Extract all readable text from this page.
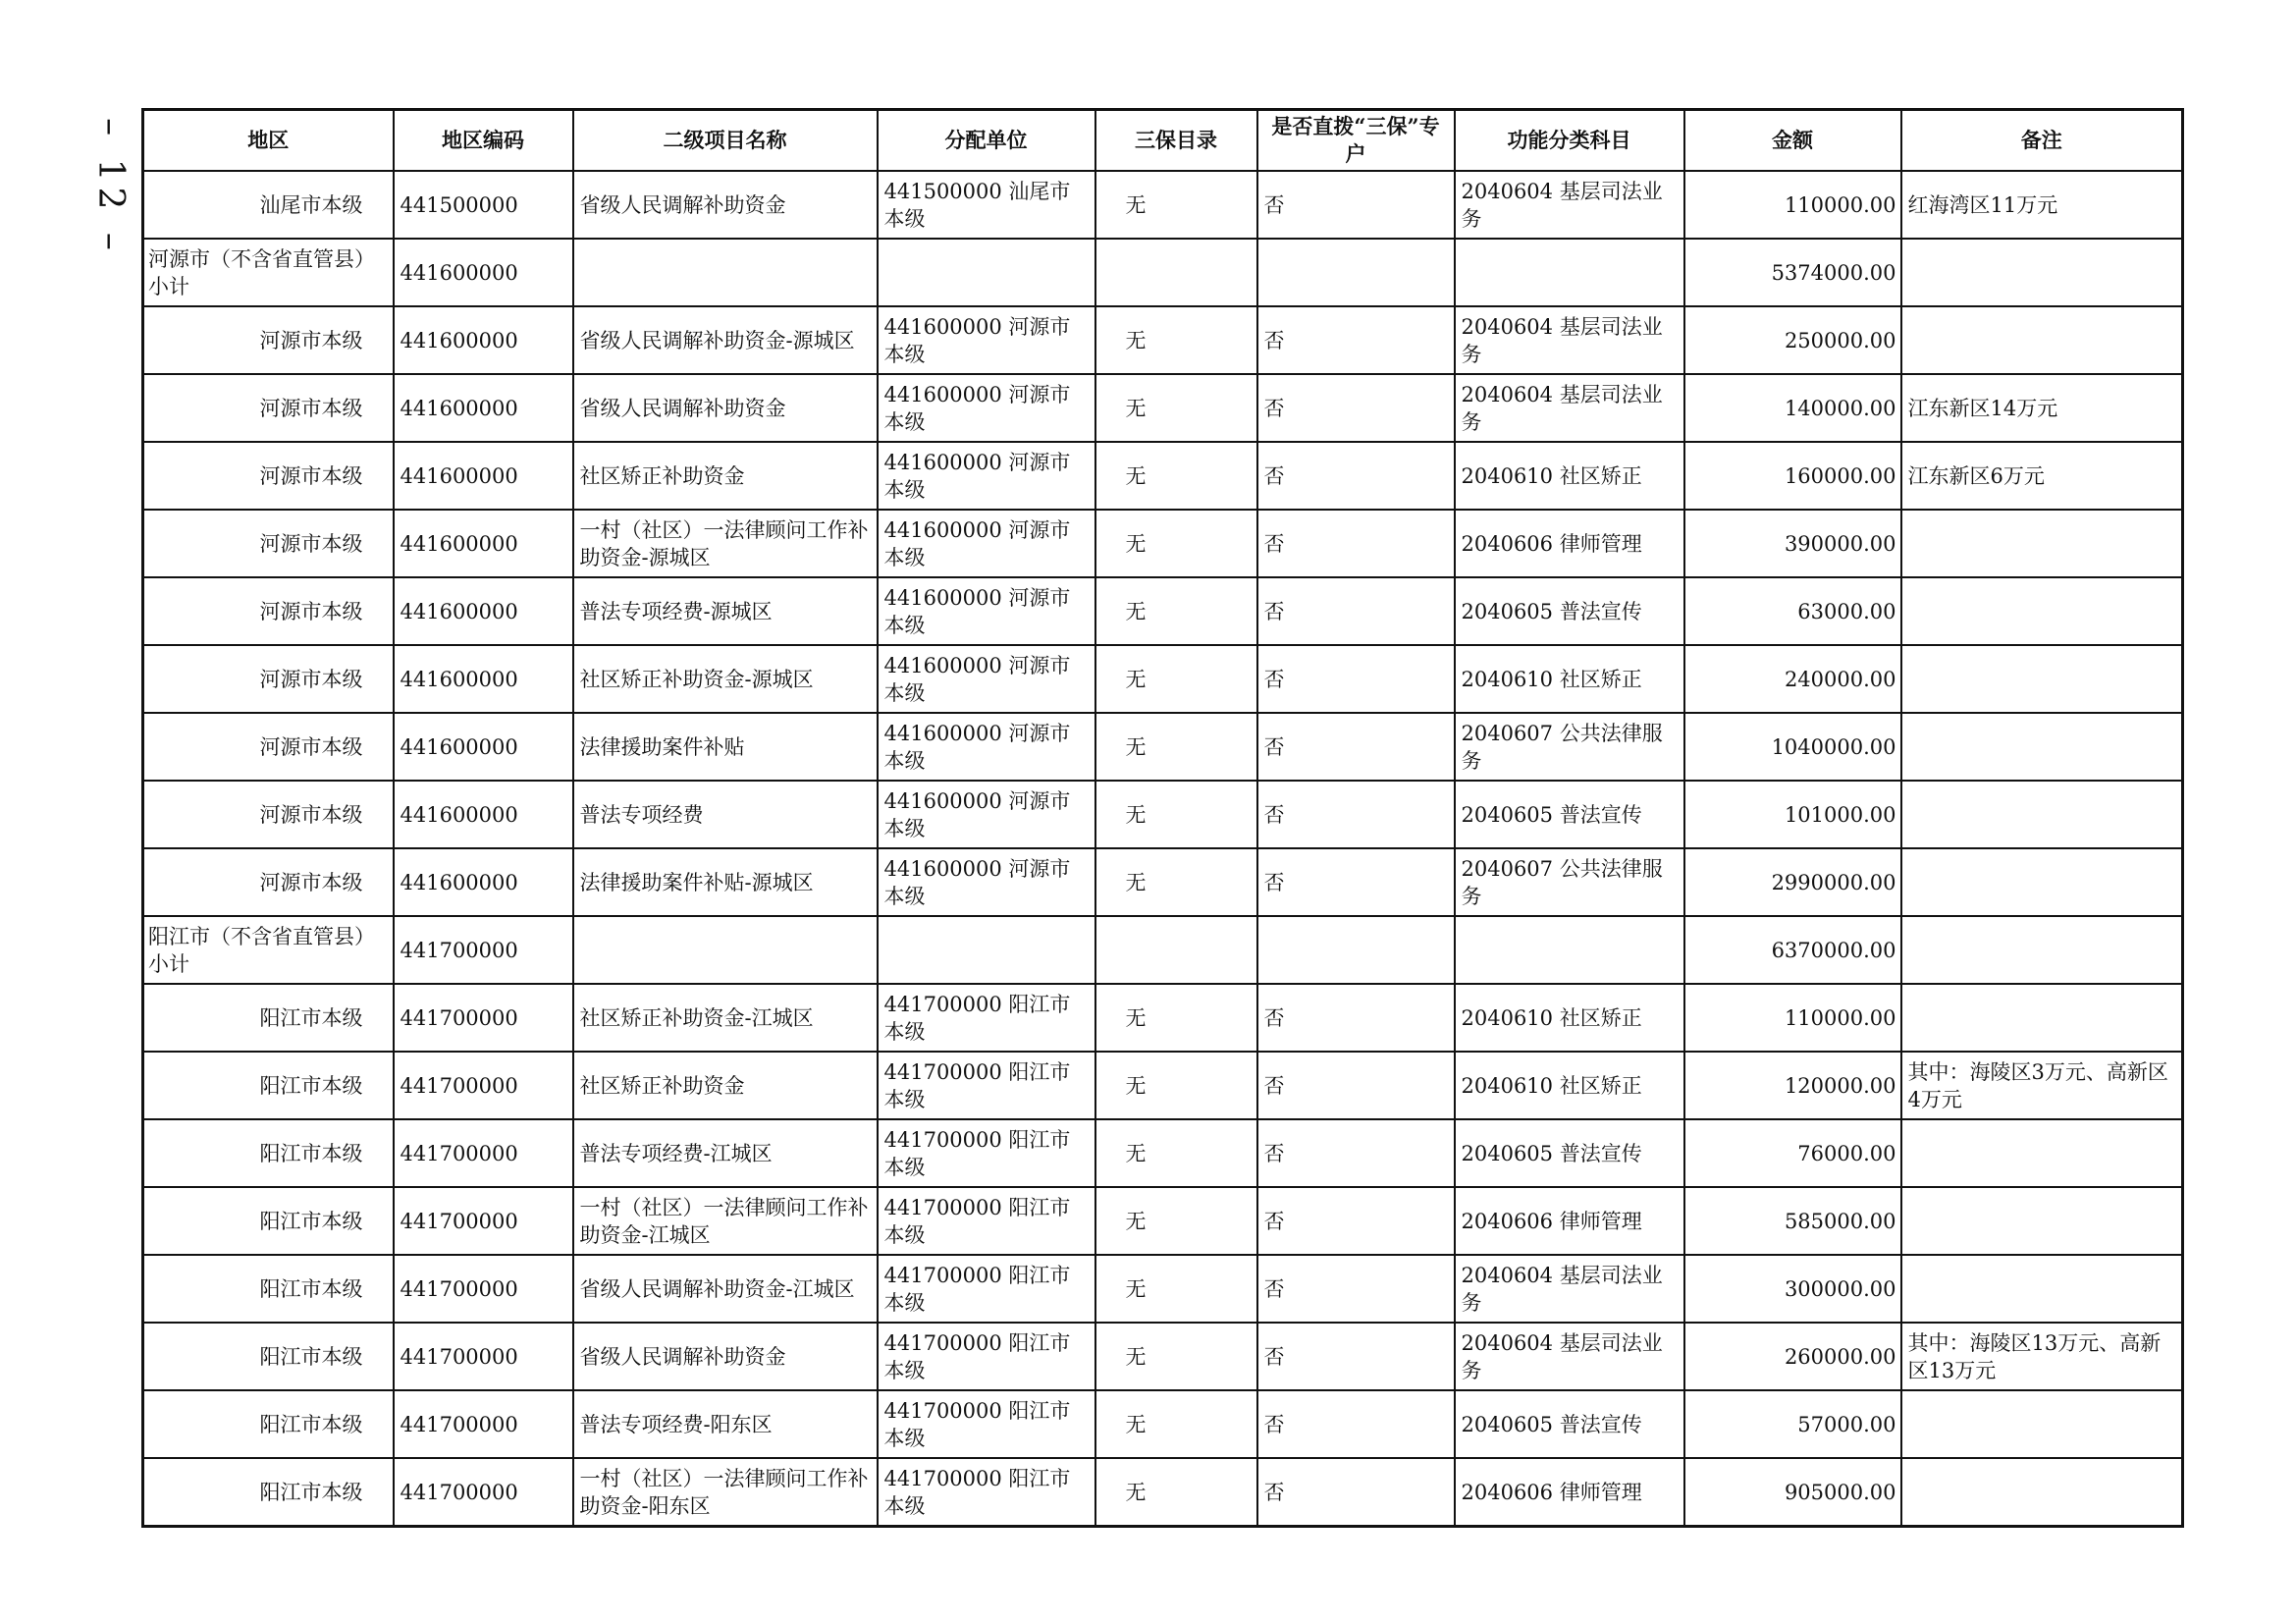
– 12 –	地区	地区编码	二级项目名称	分配单位	三保目录	是否直拨“三保”专户	功能分类科目	金额	备注
汕尾市本级	441500000	省级人民调解补助资金	441500000 汕尾市本级	无	否	2040604 基层司法业务	110000.00	红海湾区11万元
河源市（不含省直管县）小计	441600000						5374000.00	
河源市本级	441600000	省级人民调解补助资金-源城区	441600000 河源市本级	无	否	2040604 基层司法业务	250000.00	
河源市本级	441600000	省级人民调解补助资金	441600000 河源市本级	无	否	2040604 基层司法业务	140000.00	江东新区14万元
河源市本级	441600000	社区矫正补助资金	441600000 河源市本级	无	否	2040610 社区矫正	160000.00	江东新区6万元
河源市本级	441600000	一村（社区）一法律顾问工作补助资金-源城区	441600000 河源市本级	无	否	2040606 律师管理	390000.00	
河源市本级	441600000	普法专项经费-源城区	441600000 河源市本级	无	否	2040605 普法宣传	63000.00	
河源市本级	441600000	社区矫正补助资金-源城区	441600000 河源市本级	无	否	2040610 社区矫正	240000.00	
河源市本级	441600000	法律援助案件补贴	441600000 河源市本级	无	否	2040607 公共法律服务	1040000.00	
河源市本级	441600000	普法专项经费	441600000 河源市本级	无	否	2040605 普法宣传	101000.00	
河源市本级	441600000	法律援助案件补贴-源城区	441600000 河源市本级	无	否	2040607 公共法律服务	2990000.00	
阳江市（不含省直管县）小计	441700000						6370000.00	
阳江市本级	441700000	社区矫正补助资金-江城区	441700000 阳江市本级	无	否	2040610 社区矫正	110000.00	
阳江市本级	441700000	社区矫正补助资金	441700000 阳江市本级	无	否	2040610 社区矫正	120000.00	其中：海陵区3万元、高新区4万元
阳江市本级	441700000	普法专项经费-江城区	441700000 阳江市本级	无	否	2040605 普法宣传	76000.00	
阳江市本级	441700000	一村（社区）一法律顾问工作补助资金-江城区	441700000 阳江市本级	无	否	2040606 律师管理	585000.00	
阳江市本级	441700000	省级人民调解补助资金-江城区	441700000 阳江市本级	无	否	2040604 基层司法业务	300000.00	
阳江市本级	441700000	省级人民调解补助资金	441700000 阳江市本级	无	否	2040604 基层司法业务	260000.00	其中：海陵区13万元、高新区13万元
阳江市本级	441700000	普法专项经费-阳东区	441700000 阳江市本级	无	否	2040605 普法宣传	57000.00	
阳江市本级	441700000	一村（社区）一法律顾问工作补助资金-阳东区	441700000 阳江市本级	无	否	2040606 律师管理	905000.00	
